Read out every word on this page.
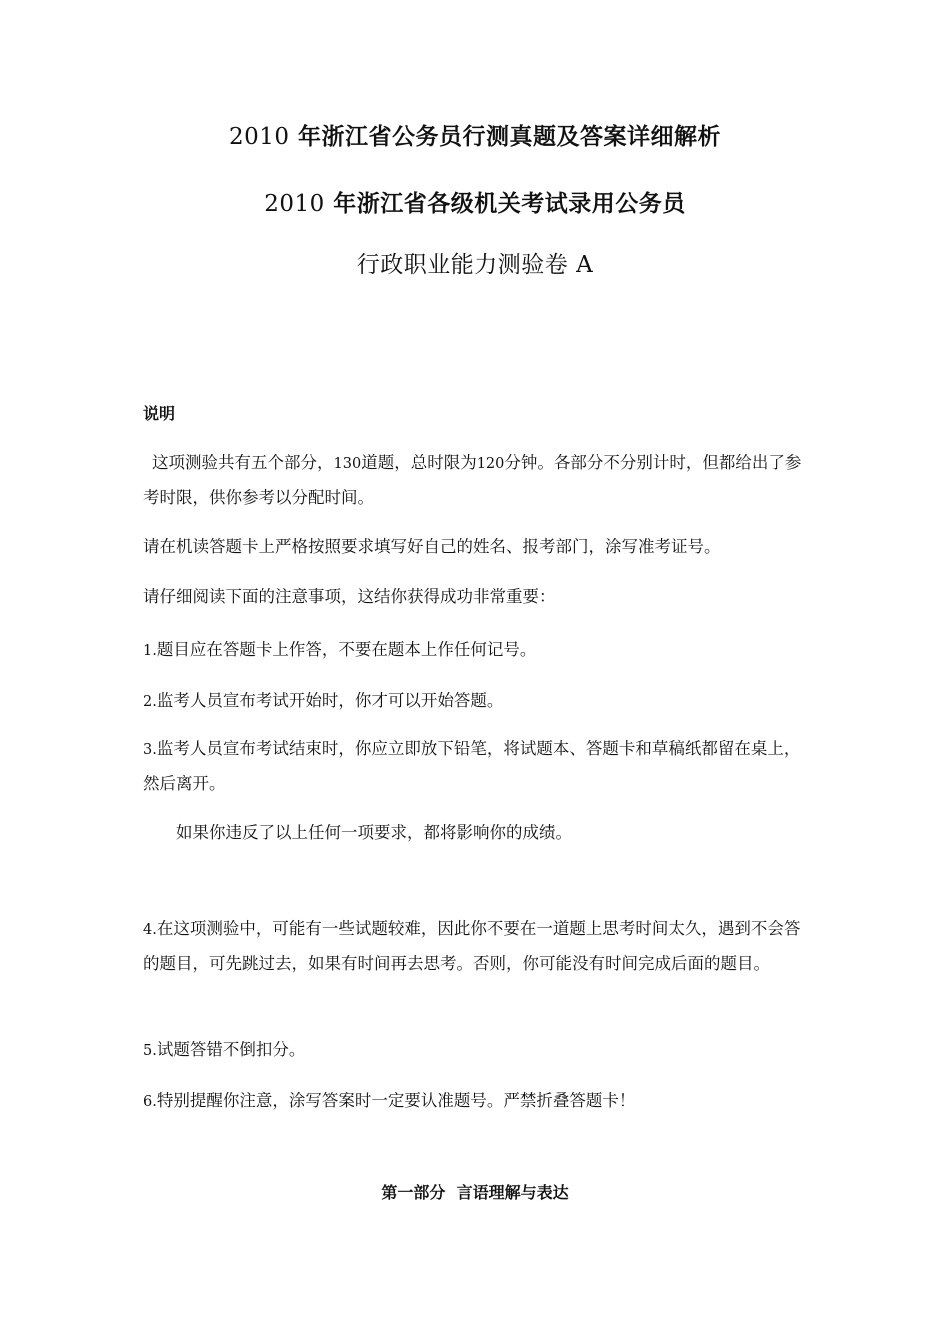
2010 年浙江省公务员行测真题及答案详细解析
2010 年浙江省各级机关考试录用公务员
行政职业能力测验卷 A
说明
这项测验共有五个部分，130道题，总时限为120分钟。各部分不分别计时，但都给出了参考时限，供你参考以分配时间。
请在机读答题卡上严格按照要求填写好自己的姓名、报考部门，涂写准考证号。
请仔细阅读下面的注意事项，这结你获得成功非常重要：
1.题目应在答题卡上作答，不要在题本上作任何记号。
2.监考人员宣布考试开始时，你才可以开始答题。
3.监考人员宣布考试结束时，你应立即放下铅笔，将试题本、答题卡和草稿纸都留在桌上，然后离开。
如果你违反了以上任何一项要求，都将影响你的成绩。
4.在这项测验中，可能有一些试题较难，因此你不要在一道题上思考时间太久，遇到不会答的题目，可先跳过去，如果有时间再去思考。否则，你可能没有时间完成后面的题目。
5.试题答错不倒扣分。
6.特别提醒你注意，涂写答案时一定要认准题号。严禁折叠答题卡！
第一部分  言语理解与表达
